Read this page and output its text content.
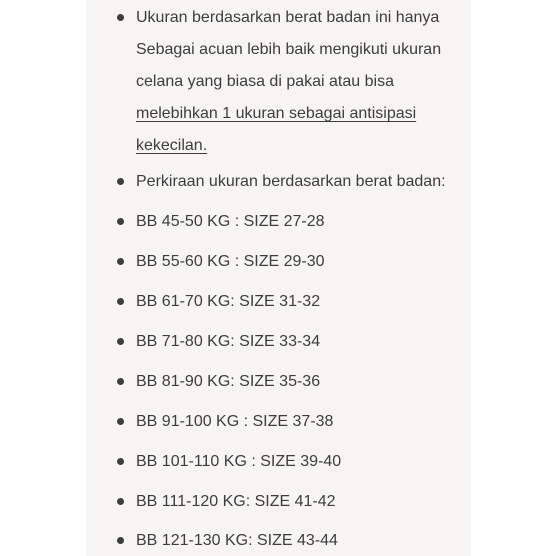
Ukuran berdasarkan berat badan ini hanya
Sebagai acuan lebih baik mengikuti ukuran
celana yang biasa di pakai atau bisa
melebihkan 1 ukuran sebagai antisipasi
kekecilan.
Perkiraan ukuran berdasarkan berat badan:
BB 45-50 KG : SIZE 27-28
BB 55-60 KG : SIZE 29-30
BB 61-70 KG: SIZE 31-32
BB 71-80 KG: SIZE 33-34
BB 81-90 KG: SIZE 35-36
BB 91-100 KG : SIZE 37-38
BB 101-110 KG : SIZE 39-40
BB 111-120 KG: SIZE 41-42
BB 121-130 KG: SIZE 43-44
